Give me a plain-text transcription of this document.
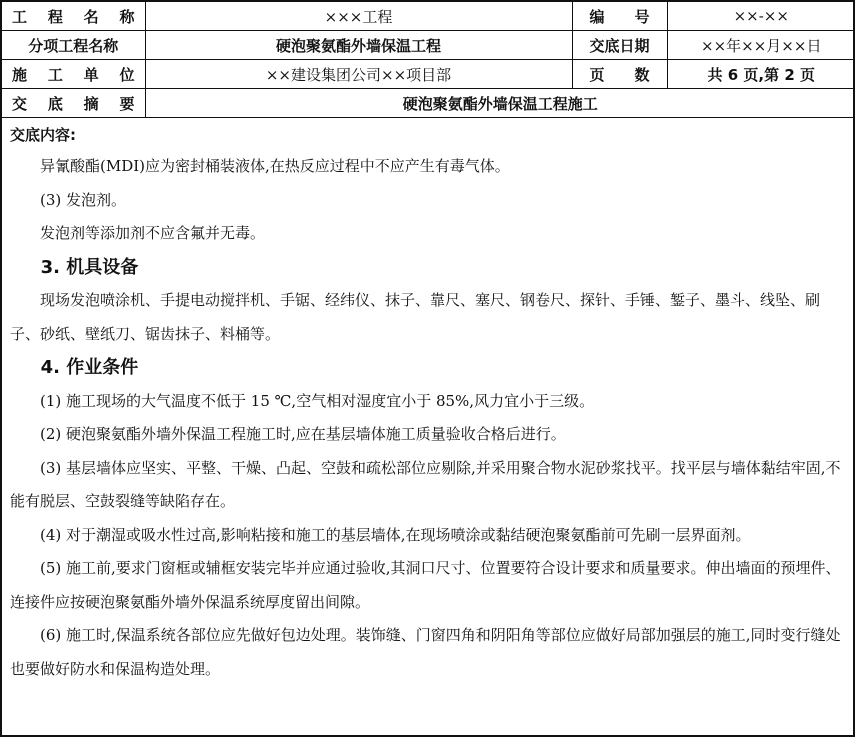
工程名称	×××工程	编　　号	××-××
分项工程名称	硬泡聚氨酯外墙保温工程	交底日期	××年××月××日
施工单位	××建设集团公司××项目部	页　　数	共 6 页,第 2 页
交底摘要	硬泡聚氨酯外墙保温工程施工		

交底内容:

异氰酸酯(MDI)应为密封桶装液体,在热反应过程中不应产生有毒气体。

(3) 发泡剂。

发泡剂等添加剂不应含氟并无毒。

3. 机具设备

现场发泡喷涂机、手提电动搅拌机、手锯、经纬仪、抹子、靠尺、塞尺、钢卷尺、探针、手锤、錾子、墨斗、线坠、刷子、砂纸、壁纸刀、锯齿抹子、料桶等。

4. 作业条件

(1) 施工现场的大气温度不低于 15 ℃,空气相对湿度宜小于 85%,风力宜小于三级。

(2) 硬泡聚氨酯外墙外保温工程施工时,应在基层墙体施工质量验收合格后进行。

(3) 基层墙体应坚实、平整、干燥、凸起、空鼓和疏松部位应剔除,并采用聚合物水泥砂浆找平。找平层与墙体黏结牢固,不能有脱层、空鼓裂缝等缺陷存在。

(4) 对于潮湿或吸水性过高,影响粘接和施工的基层墙体,在现场喷涂或黏结硬泡聚氨酯前可先刷一层界面剂。

(5) 施工前,要求门窗框或辅框安装完毕并应通过验收,其洞口尺寸、位置要符合设计要求和质量要求。伸出墙面的预埋件、连接件应按硬泡聚氨酯外墙外保温系统厚度留出间隙。

(6) 施工时,保温系统各部位应先做好包边处理。装饰缝、门窗四角和阴阳角等部位应做好局部加强层的施工,同时变行缝处也要做好防水和保温构造处理。
